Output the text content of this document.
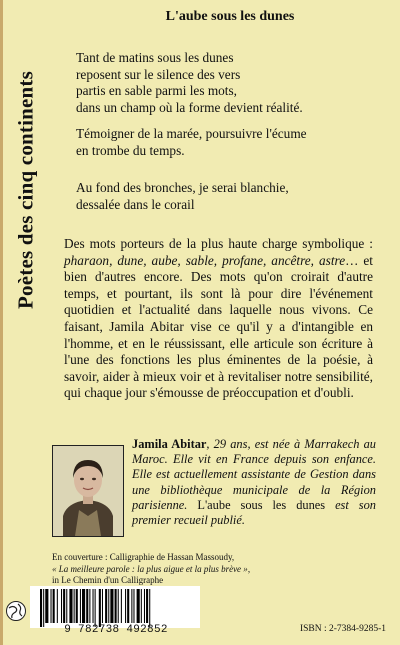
Poètes des cinq continents
L'aube sous les dunes
Tant de matins sous les dunes
reposent sur le silence des vers
partis en sable parmi les mots,
dans un champ où la forme devient réalité.
Témoigner de la marée, poursuivre l'écume
en trombe du temps.
Au fond des bronches, je serai blanchie,
dessalée dans le corail
Des mots porteurs de la plus haute charge symbolique : pharaon, dune, aube, sable, profane, ancêtre, astre… et bien d'autres encore. Des mots qu'on croirait d'autre temps, et pourtant, ils sont là pour dire l'événement quotidien et l'actualité dans laquelle nous vivons. Ce faisant, Jamila Abitar vise ce qu'il y a d'intangible en l'homme, et en le réussissant, elle articule son écriture à l'une des fonctions les plus éminentes de la poésie, à savoir, aider à mieux voir et à revitaliser notre sensibilité, qui chaque jour s'émousse de préoccupation et d'oubli.
Jamila Abitar, 29 ans, est née à Marrakech au Maroc. Elle vit en France depuis son enfance. Elle est actuellement assistante de Gestion dans une bibliothèque municipale de la Région parisienne. L'aube sous les dunes est son premier recueil publié.
En couverture : Calligraphie de Hassan Massoudy,
« La meilleure parole : la plus aigue et la plus brève »,
in Le Chemin d'un Calligraphe
9 782738 492852	ISBN : 2-7384-9285-1
